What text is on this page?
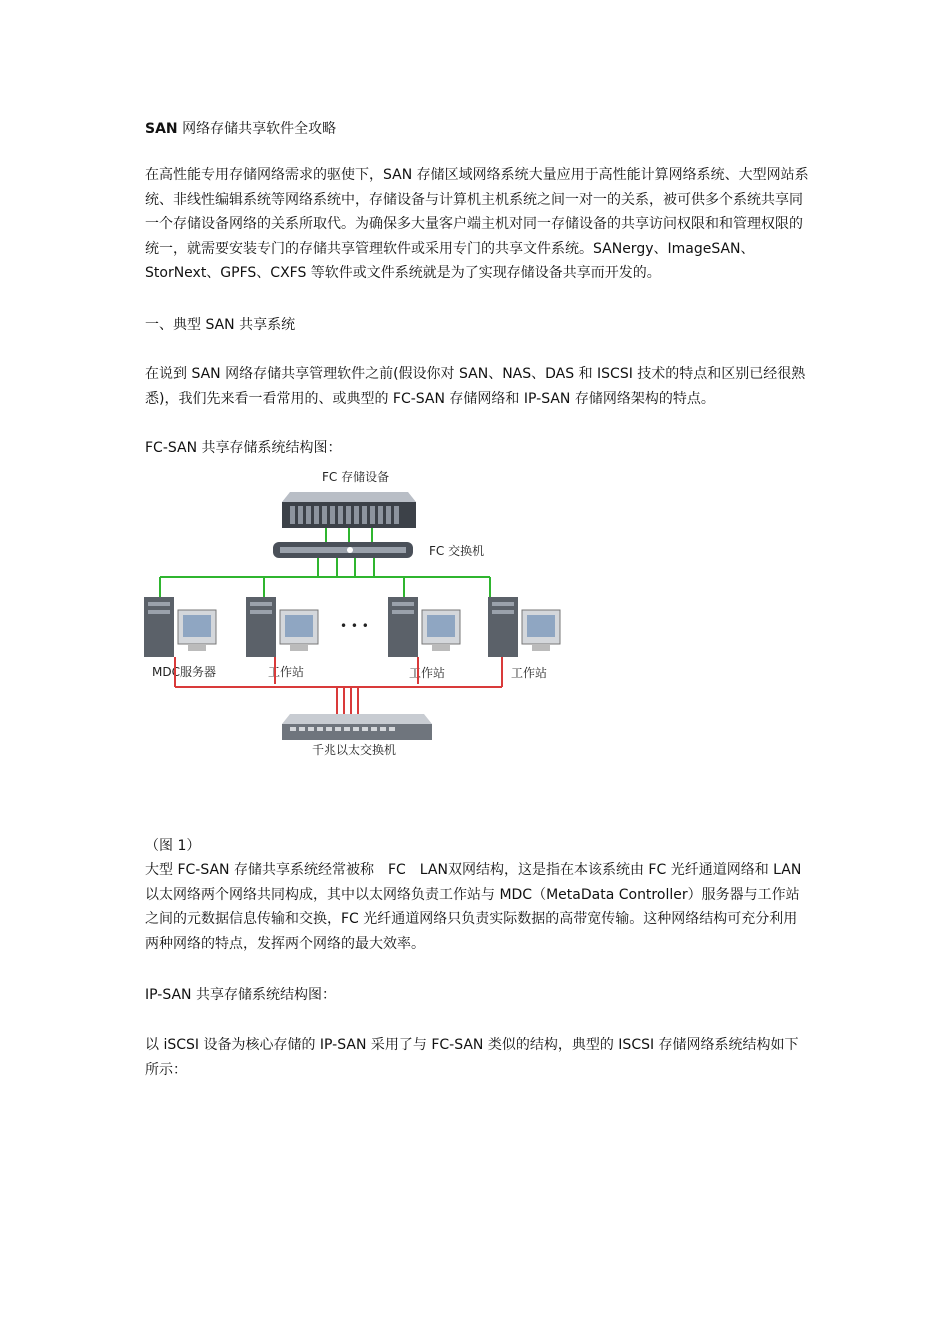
SAN 网络存储共享软件全攻略

在高性能专用存储网络需求的驱使下，SAN 存储区域网络系统大量应用于高性能计算网络系统、大型网站系统、非线性编辑系统等网络系统中，存储设备与计算机主机系统之间一对一的关系，被可供多个系统共享同一个存储设备网络的关系所取代。为确保多大量客户端主机对同一存储设备的共享访问权限和和管理权限的统一，就需要安装专门的存储共享管理软件或采用专门的共享文件系统。SANergy、ImageSAN、StorNext、GPFS、CXFS 等软件或文件系统就是为了实现存储设备共享而开发的。

一、典型 SAN 共享系统

在说到 SAN 网络存储共享管理软件之前(假设你对 SAN、NAS、DAS 和 ISCSI 技术的特点和区别已经很熟悉)，我们先来看一看常用的、或典型的 FC-SAN 存储网络和 IP-SAN 存储网络架构的特点。

FC-SAN 共享存储系统结构图：

FC 存储设备
FC 交换机
• • •
MDC服务器	工作站	工作站	工作站
千兆以太交换机

（图 1）

大型 FC-SAN 存储共享系统经常被称　FC　LAN双网结构，这是指在本该系统由 FC 光纤通道网络和 LAN 以太网络两个网络共同构成，其中以太网络负责工作站与 MDC（MetaData Controller）服务器与工作站之间的元数据信息传输和交换，FC 光纤通道网络只负责实际数据的高带宽传输。这种网络结构可充分利用两种网络的特点，发挥两个网络的最大效率。

IP-SAN 共享存储系统结构图：

以 iSCSI 设备为核心存储的 IP-SAN 采用了与 FC-SAN 类似的结构，典型的 ISCSI 存储网络系统结构如下所示：
